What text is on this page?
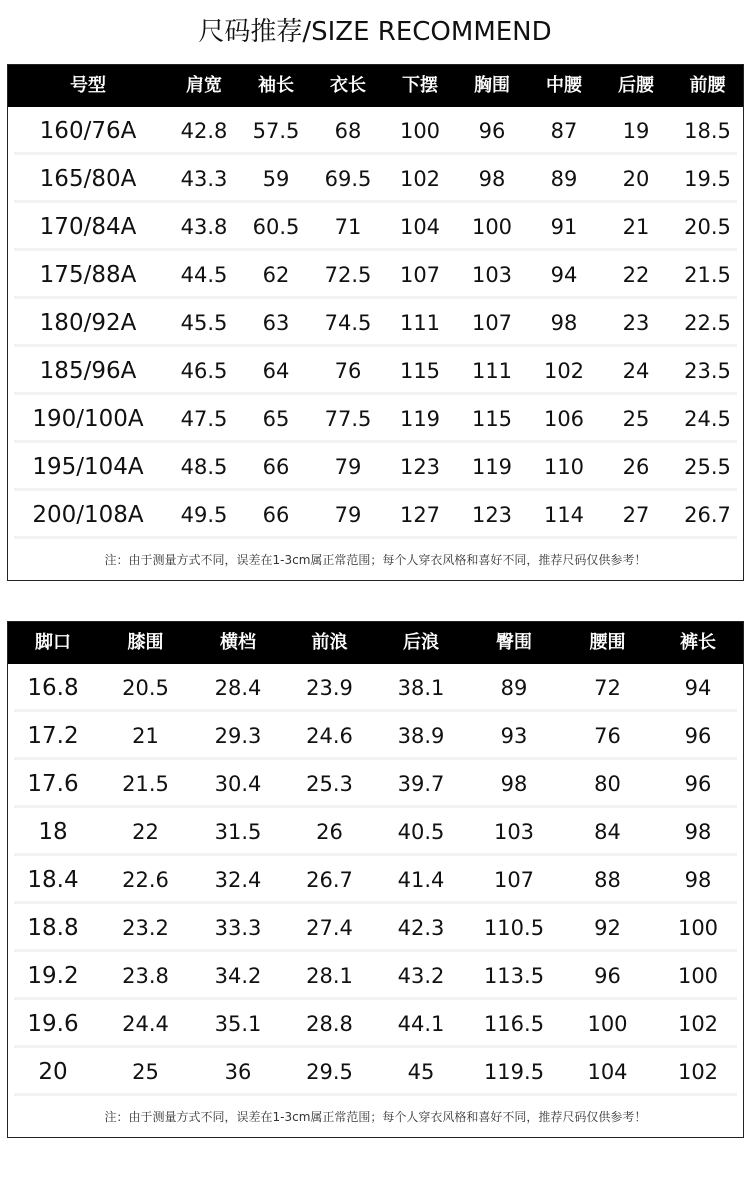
尺码推荐/SIZE RECOMMEND
号型	肩宽	袖长	衣长	下摆	胸围	中腰	后腰	前腰
160/76A	42.8	57.5	68	100	96	87	19	18.5
165/80A	43.3	59	69.5	102	98	89	20	19.5
170/84A	43.8	60.5	71	104	100	91	21	20.5
175/88A	44.5	62	72.5	107	103	94	22	21.5
180/92A	45.5	63	74.5	111	107	98	23	22.5
185/96A	46.5	64	76	115	111	102	24	23.5
190/100A	47.5	65	77.5	119	115	106	25	24.5
195/104A	48.5	66	79	123	119	110	26	25.5
200/108A	49.5	66	79	127	123	114	27	26.7
注：由于测量方式不同，误差在1-3cm属正常范围；每个人穿衣风格和喜好不同，推荐尺码仅供参考！
脚口	膝围	横档	前浪	后浪	臀围	腰围	裤长
16.8	20.5	28.4	23.9	38.1	89	72	94
17.2	21	29.3	24.6	38.9	93	76	96
17.6	21.5	30.4	25.3	39.7	98	80	96
18	22	31.5	26	40.5	103	84	98
18.4	22.6	32.4	26.7	41.4	107	88	98
18.8	23.2	33.3	27.4	42.3	110.5	92	100
19.2	23.8	34.2	28.1	43.2	113.5	96	100
19.6	24.4	35.1	28.8	44.1	116.5	100	102
20	25	36	29.5	45	119.5	104	102
注：由于测量方式不同，误差在1-3cm属正常范围；每个人穿衣风格和喜好不同，推荐尺码仅供参考！
